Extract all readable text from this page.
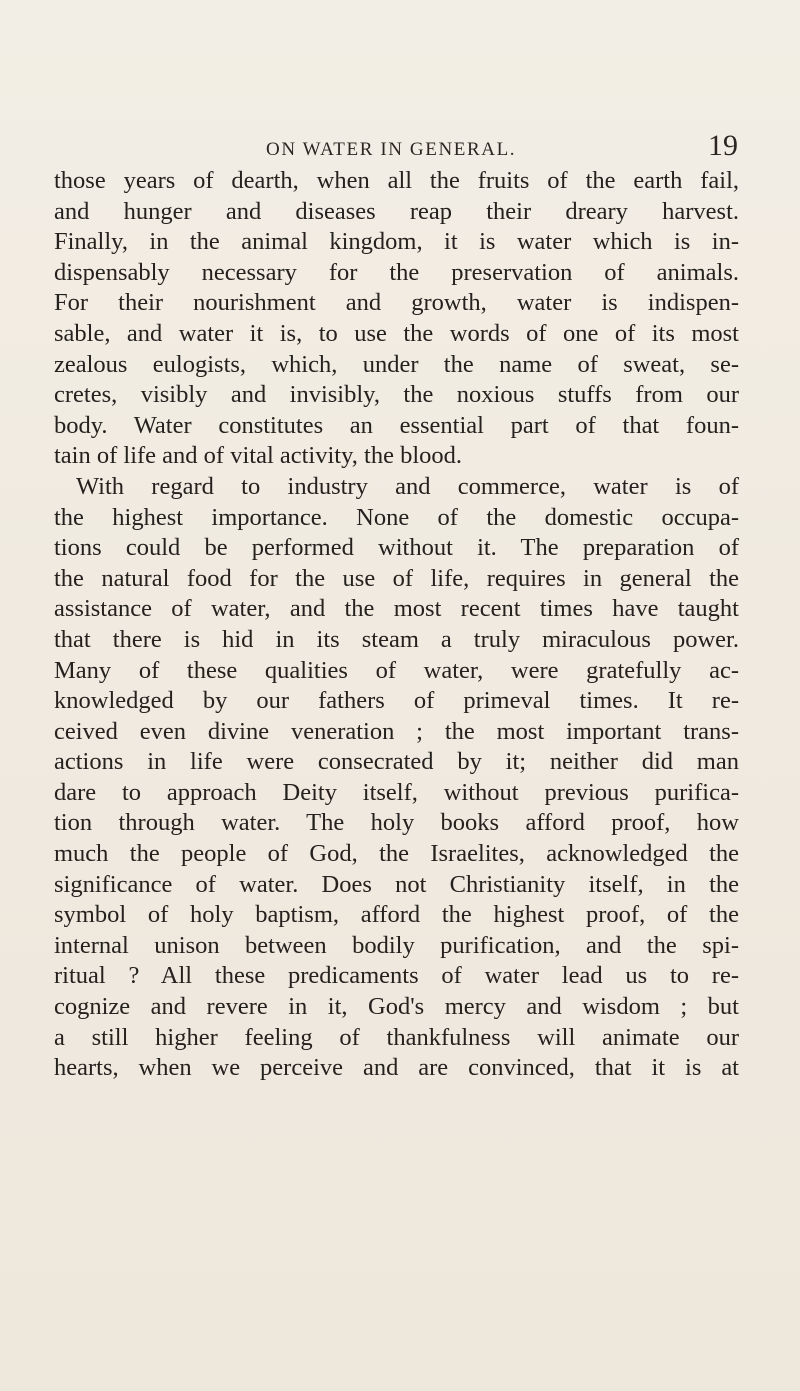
ON WATER IN GENERAL.	19
those years of dearth, when all the fruits of the earth fail,
and hunger and diseases reap their dreary harvest.
Finally, in the animal kingdom, it is water which is in-
dispensably necessary for the preservation of animals.
For their nourishment and growth, water is indispen-
sable, and water it is, to use the words of one of its most
zealous eulogists, which, under the name of sweat, se-
cretes, visibly and invisibly, the noxious stuffs from our
body. Water constitutes an essential part of that foun-
tain of life and of vital activity, the blood.
With regard to industry and commerce, water is of
the highest importance. None of the domestic occupa-
tions could be performed without it. The preparation of
the natural food for the use of life, requires in general the
assistance of water, and the most recent times have taught
that there is hid in its steam a truly miraculous power.
Many of these qualities of water, were gratefully ac-
knowledged by our fathers of primeval times. It re-
ceived even divine veneration ; the most important trans-
actions in life were consecrated by it; neither did man
dare to approach Deity itself, without previous purifica-
tion through water. The holy books afford proof, how
much the people of God, the Israelites, acknowledged the
significance of water. Does not Christianity itself, in the
symbol of holy baptism, afford the highest proof, of the
internal unison between bodily purification, and the spi-
ritual ? All these predicaments of water lead us to re-
cognize and revere in it, God's mercy and wisdom ; but
a still higher feeling of thankfulness will animate our
hearts, when we perceive and are convinced, that it is at
